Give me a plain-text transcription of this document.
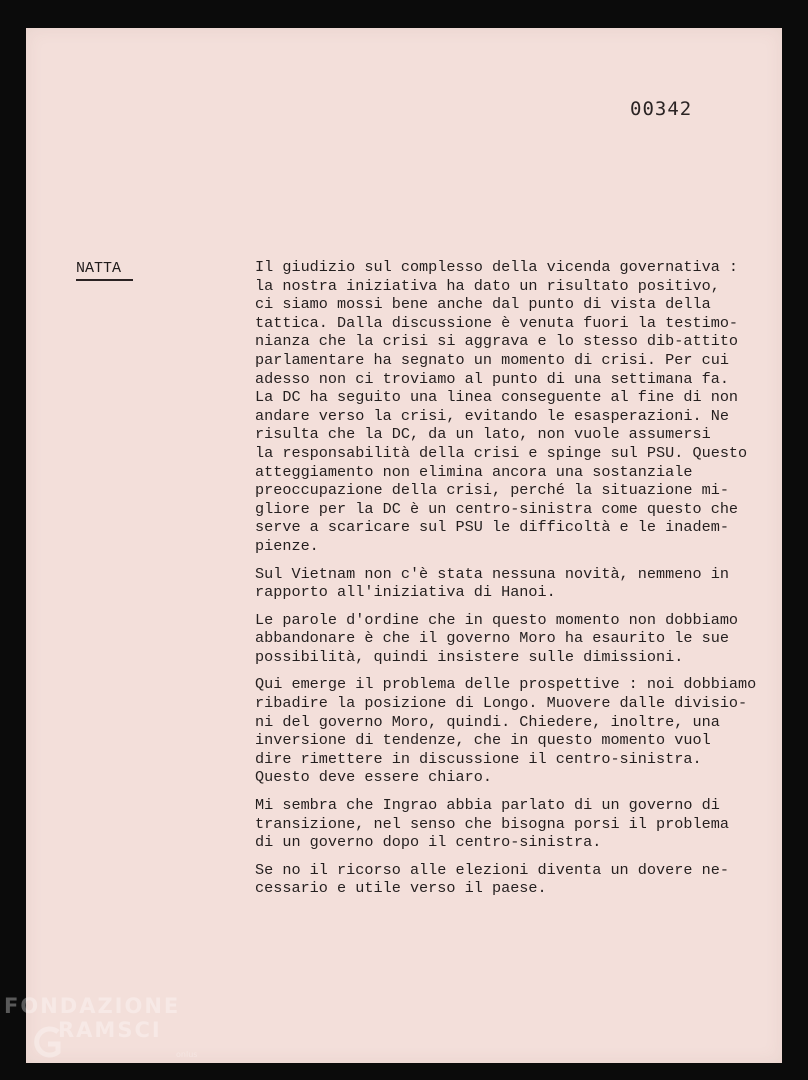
00342
NATTA	Il giudizio sul complesso della vicenda governativa :
la nostra iniziativa ha dato un risultato positivo,
ci siamo mossi bene anche dal punto di vista della
tattica. Dalla discussione è venuta fuori la testimo-
nianza che la crisi si aggrava e lo stesso dib-attito
parlamentare ha segnato un momento di crisi. Per cui
adesso non ci troviamo al punto di una settimana fa.
La DC ha seguito una linea conseguente al fine di non
andare verso la crisi, evitando le esasperazioni. Ne
risulta che la DC, da un lato, non vuole assumersi
la responsabilità della crisi e spinge sul PSU. Questo
atteggiamento non elimina ancora una sostanziale
preoccupazione della crisi, perché la situazione mi-
gliore per la DC è un centro-sinistra come questo che
serve a scaricare sul PSU le difficoltà e le inadem-
pienze.
Sul Vietnam non c'è stata nessuna novità, nemmeno in
rapporto all'iniziativa di Hanoi.
Le parole d'ordine che in questo momento non dobbiamo
abbandonare è che il governo Moro ha esaurito le sue
possibilità, quindi insistere sulle dimissioni.
Qui emerge il problema delle prospettive : noi dobbiamo
ribadire la posizione di Longo. Muovere dalle divisio-
ni del governo Moro, quindi. Chiedere, inoltre, una
inversione di tendenze, che in questo momento vuol
dire rimettere in discussione il centro-sinistra.
Questo deve essere chiaro.
Mi sembra che Ingrao abbia parlato di un governo di
transizione, nel senso che bisogna porsi il problema
di un governo dopo il centro-sinistra.
Se no il ricorso alle elezioni diventa un dovere ne-
cessario e utile verso il paese.
FONDAZIONE
RAMSCI
onlus
